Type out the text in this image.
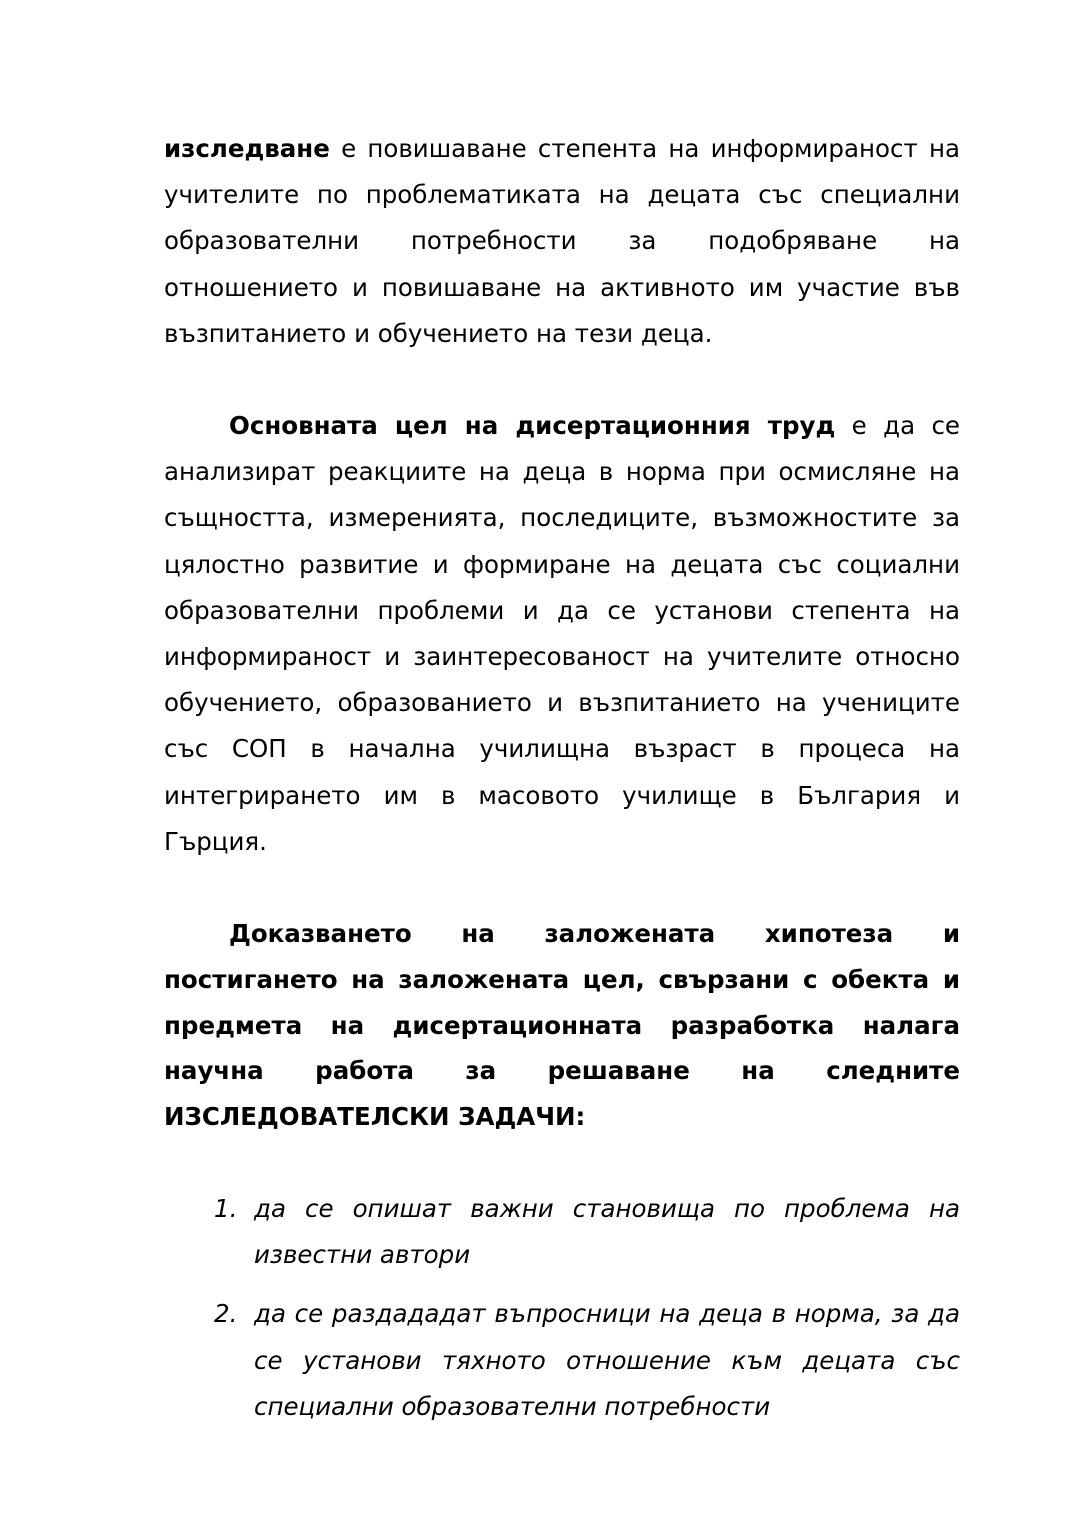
изследване е повишаване степента на информираност на учителите по проблематиката на децата със специални образователни потребности за подобряване на отношението и повишаване на активното им участие във възпитанието и обучението на тези деца.

Основната цел на дисертационния труд е да се анализират реакциите на деца в норма при осмисляне на същността, измеренията, последиците, възможностите за цялостно развитие и формиране на децата със социални образователни проблеми и да се установи степента на информираност и заинтересованост на учителите относно обучението, образованието и възпитанието на учениците със СОП в начална училищна възраст в процеса на интегрирането им в масовото училище в България и Гърция.

Доказването на заложената хипотеза и постигането на заложената цел, свързани с обекта и предмета на дисертационната разработка налага научна работа за решаване на следните ИЗСЛЕДОВАТЕЛСКИ ЗАДАЧИ:

1. да се опишат важни становища по проблема на известни автори
2. да се раздададат въпросници на деца в норма, за да се установи тяхното отношение към децата със специални образователни потребности
